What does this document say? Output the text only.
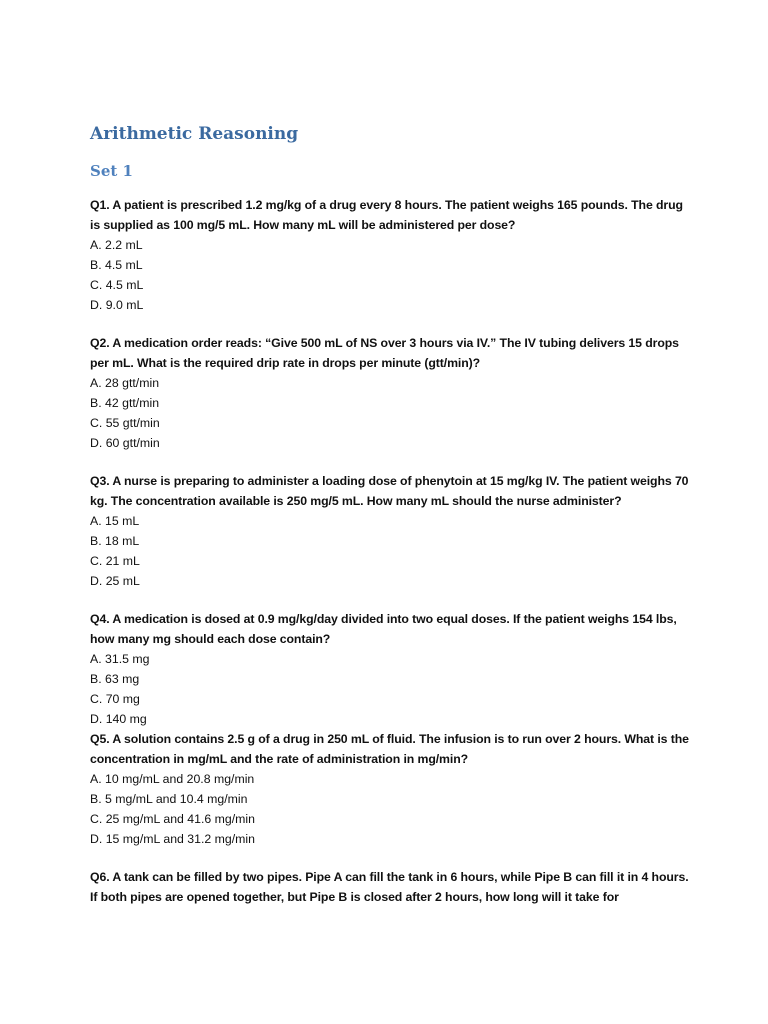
Arithmetic Reasoning
Set 1

Q1. A patient is prescribed 1.2 mg/kg of a drug every 8 hours. The patient weighs 165 pounds. The drug is supplied as 100 mg/5 mL. How many mL will be administered per dose?

A. 2.2 mL
B. 4.5 mL
C. 4.5 mL
D. 9.0 mL

Q2. A medication order reads: “Give 500 mL of NS over 3 hours via IV.” The IV tubing delivers 15 drops per mL. What is the required drip rate in drops per minute (gtt/min)?

A. 28 gtt/min
B. 42 gtt/min
C. 55 gtt/min
D. 60 gtt/min

Q3. A nurse is preparing to administer a loading dose of phenytoin at 15 mg/kg IV. The patient weighs 70 kg. The concentration available is 250 mg/5 mL. How many mL should the nurse administer?

A. 15 mL
B. 18 mL
C. 21 mL
D. 25 mL

Q4. A medication is dosed at 0.9 mg/kg/day divided into two equal doses. If the patient weighs 154 lbs, how many mg should each dose contain?

A. 31.5 mg
B. 63 mg
C. 70 mg
D. 140 mg

Q5. A solution contains 2.5 g of a drug in 250 mL of fluid. The infusion is to run over 2 hours. What is the concentration in mg/mL and the rate of administration in mg/min?

A. 10 mg/mL and 20.8 mg/min
B. 5 mg/mL and 10.4 mg/min
C. 25 mg/mL and 41.6 mg/min
D. 15 mg/mL and 31.2 mg/min

Q6. A tank can be filled by two pipes. Pipe A can fill the tank in 6 hours, while Pipe B can fill it in 4 hours. If both pipes are opened together, but Pipe B is closed after 2 hours, how long will it take for
